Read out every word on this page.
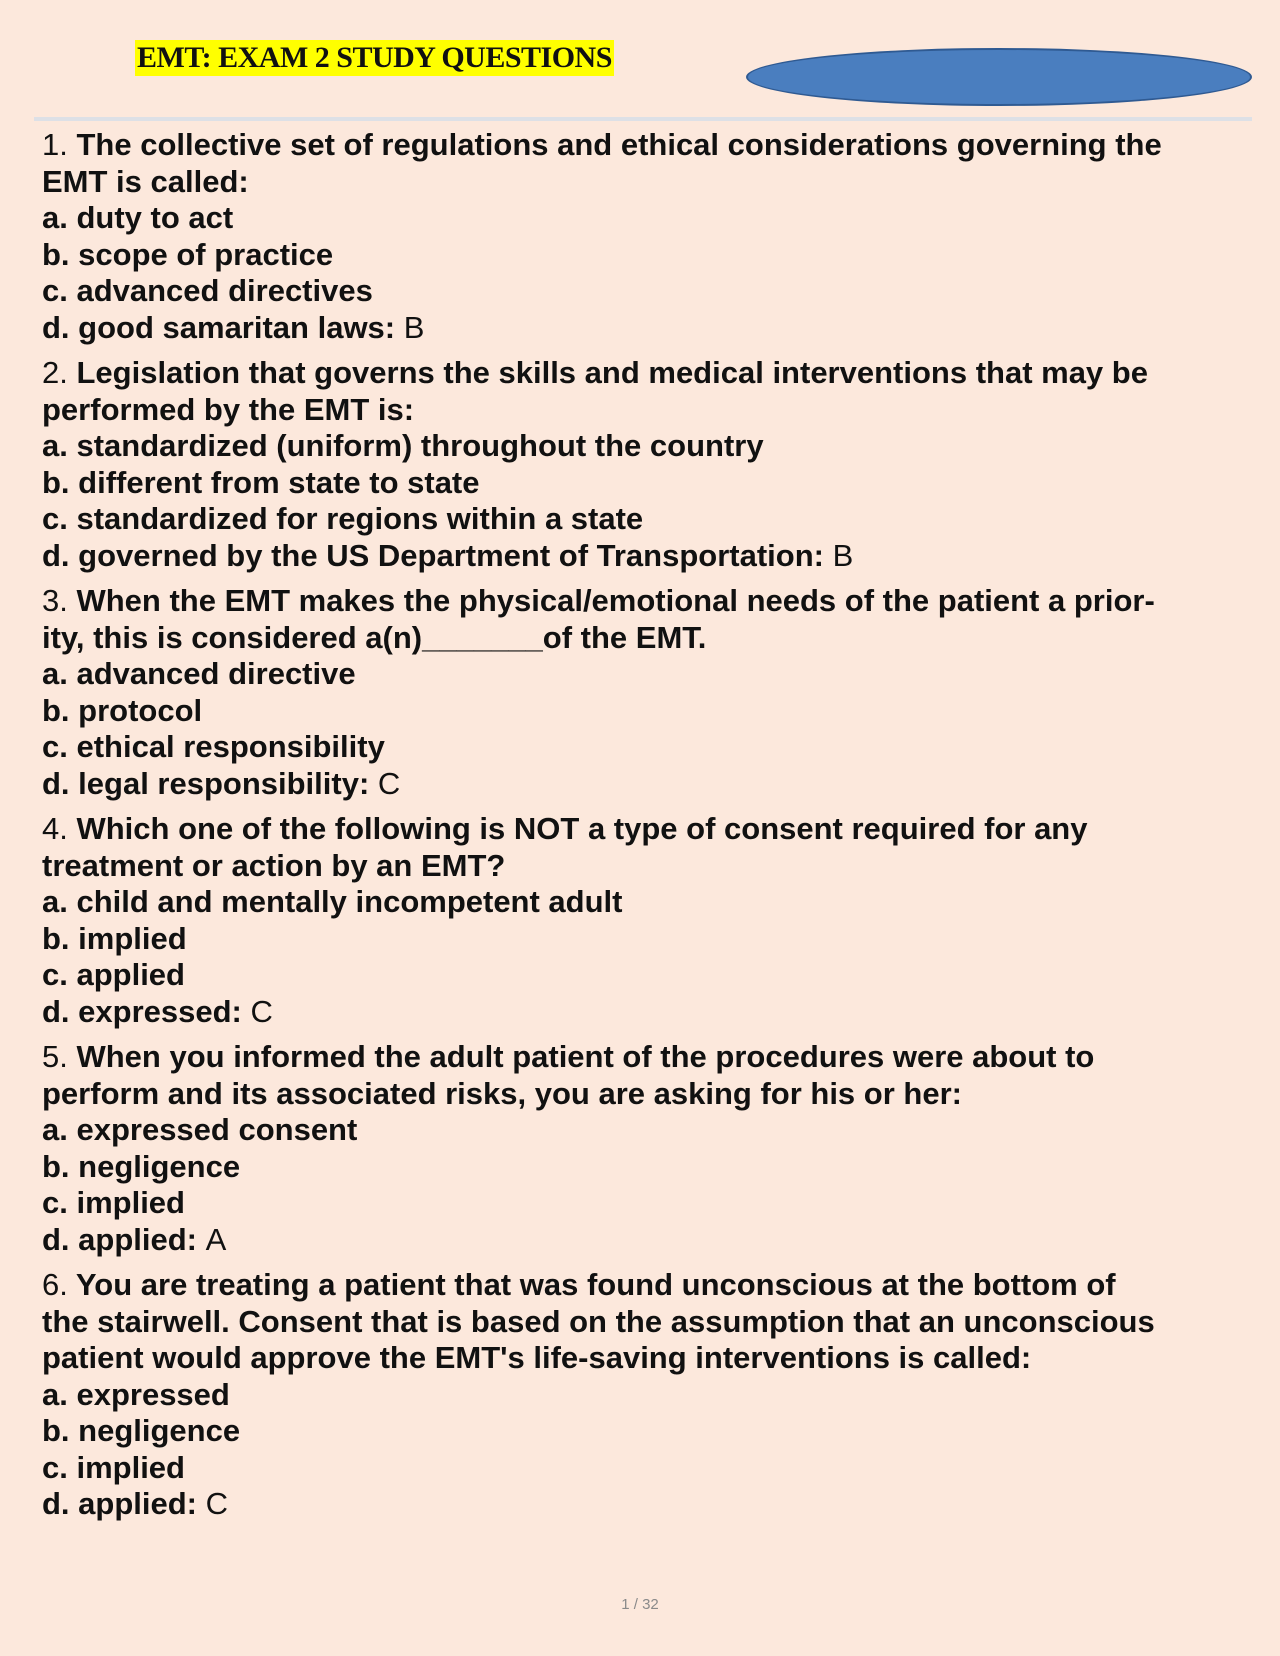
EMT: EXAM 2 STUDY QUESTIONS
1. The collective set of regulations and ethical considerations governing the
EMT is called:
a. duty to act
b. scope of practice
c. advanced directives
d. good samaritan laws: B
2. Legislation that governs the skills and medical interventions that may be
performed by the EMT is:
a. standardized (uniform) throughout the country
b. different from state to state
c. standardized for regions within a state
d. governed by the US Department of Transportation: B
3. When the EMT makes the physical/emotional needs of the patient a prior-
ity, this is considered a(n)_______of the EMT.
a. advanced directive
b. protocol
c. ethical responsibility
d. legal responsibility: C
4. Which one of the following is NOT a type of consent required for any
treatment or action by an EMT?
a. child and mentally incompetent adult
b. implied
c. applied
d. expressed: C
5. When you informed the adult patient of the procedures were about to
perform and its associated risks, you are asking for his or her:
a. expressed consent
b. negligence
c. implied
d. applied: A
6. You are treating a patient that was found unconscious at the bottom of
the stairwell. Consent that is based on the assumption that an unconscious
patient would approve the EMT's life-saving interventions is called:
a. expressed
b. negligence
c. implied
d. applied: C
1 / 32
